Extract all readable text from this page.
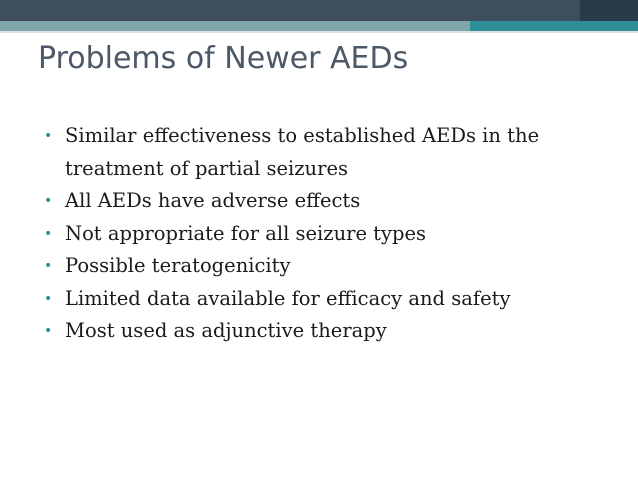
Problems of Newer AEDs
• Similar effectiveness to established AEDs in the treatment of partial seizures
• All AEDs have adverse effects
• Not appropriate for all seizure types
• Possible teratogenicity
• Limited data available for efficacy and safety
• Most used as adjunctive therapy
